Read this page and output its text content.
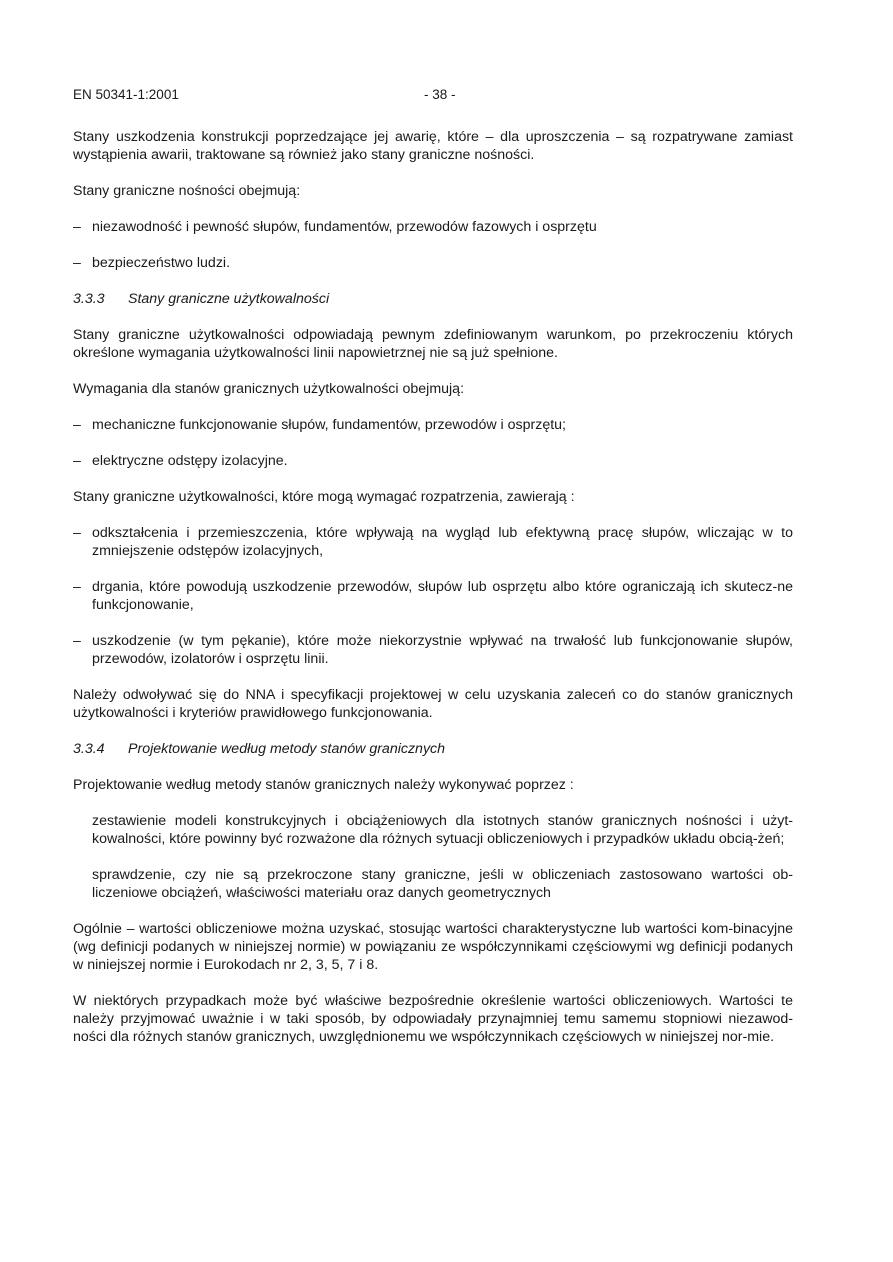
EN 50341-1:2001	- 38 -

Stany uszkodzenia konstrukcji poprzedzające jej awarię, które – dla uproszczenia – są rozpatrywane zamiast wystąpienia awarii, traktowane są również jako stany graniczne nośności.

Stany graniczne nośności obejmują:

– niezawodność i pewność słupów, fundamentów, przewodów fazowych i osprzętu
– bezpieczeństwo ludzi.
3.3.3	Stany graniczne użytkowalności

Stany graniczne użytkowalności odpowiadają pewnym zdefiniowanym warunkom, po przekroczeniu których określone wymagania użytkowalności linii napowietrznej nie są już spełnione.

Wymagania dla stanów granicznych użytkowalności obejmują:

– mechaniczne funkcjonowanie słupów, fundamentów, przewodów i osprzętu;
– elektryczne odstępy izolacyjne.

Stany graniczne użytkowalności, które mogą wymagać rozpatrzenia, zawierają :

– odkształcenia i przemieszczenia, które wpływają na wygląd lub efektywną pracę słupów, wliczając w to zmniejszenie odstępów izolacyjnych,
– drgania, które powodują uszkodzenie przewodów, słupów lub osprzętu albo które ograniczają ich skutecz-ne funkcjonowanie,
– uszkodzenie (w tym pękanie), które może niekorzystnie wpływać na trwałość lub funkcjonowanie słupów, przewodów, izolatorów i osprzętu linii.

Należy odwoływać się do NNA i specyfikacji projektowej w celu uzyskania zaleceń co do stanów granicznych użytkowalności i kryteriów prawidłowego funkcjonowania.

3.3.4	Projektowanie według metody stanów granicznych

Projektowanie według metody stanów granicznych należy wykonywać poprzez :

zestawienie modeli konstrukcyjnych i obciążeniowych dla istotnych stanów granicznych nośności i użyt-kowalności, które powinny być rozważone dla różnych sytuacji obliczeniowych i przypadków układu obcią-żeń;

sprawdzenie, czy nie są przekroczone stany graniczne, jeśli w obliczeniach zastosowano wartości ob-liczeniowe obciążeń, właściwości materiału oraz danych geometrycznych

Ogólnie – wartości obliczeniowe można uzyskać, stosując wartości charakterystyczne lub wartości kom-binacyjne (wg definicji podanych w niniejszej normie) w powiązaniu ze współczynnikami częściowymi wg definicji podanych w niniejszej normie i Eurokodach nr 2, 3, 5, 7 i 8.

W niektórych przypadkach może być właściwe bezpośrednie określenie wartości obliczeniowych. Wartości te należy przyjmować uważnie i w taki sposób, by odpowiadały przynajmniej temu samemu stopniowi niezawod-ności dla różnych stanów granicznych, uwzględnionemu we współczynnikach częściowych w niniejszej nor-mie.
